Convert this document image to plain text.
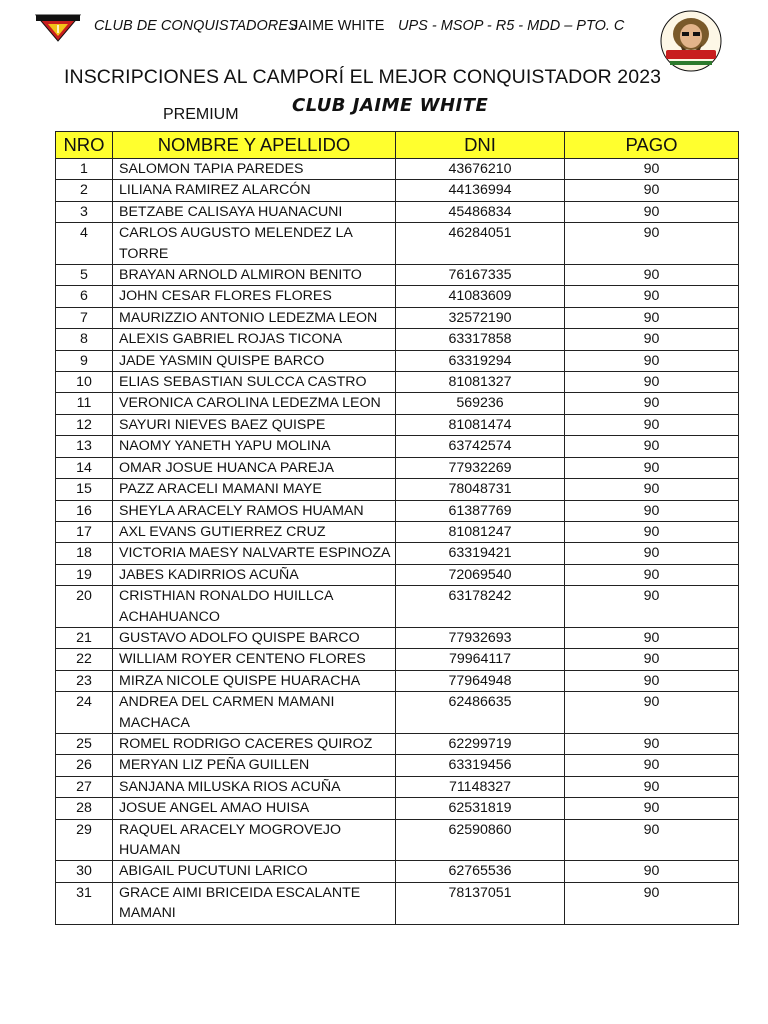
CLUB DE CONQUISTADORES
JAIME WHITE UPS - MSOP - R5 - MDD – PTO. C
INSCRIPCIONES AL CAMPORÍ EL MEJOR CONQUISTADOR 2023
PREMIUM	CLUB JAIME WHITE
NRO	NOMBRE Y APELLIDO	DNI	PAGO
1	SALOMON TAPIA PAREDES	43676210	90
2	LILIANA RAMIREZ ALARCÓN	44136994	90
3	BETZABE CALISAYA HUANACUNI	45486834	90
4	CARLOS AUGUSTO MELENDEZ LA TORRE	46284051	90
5	BRAYAN ARNOLD ALMIRON BENITO	76167335	90
6	JOHN CESAR FLORES FLORES	41083609	90
7	MAURIZZIO ANTONIO LEDEZMA LEON	32572190	90
8	ALEXIS GABRIEL ROJAS TICONA	63317858	90
9	JADE YASMIN QUISPE BARCO	63319294	90
10	ELIAS SEBASTIAN SULCCA CASTRO	81081327	90
11	VERONICA CAROLINA LEDEZMA LEON	569236	90
12	SAYURI NIEVES BAEZ QUISPE	81081474	90
13	NAOMY YANETH YAPU MOLINA	63742574	90
14	OMAR JOSUE HUANCA PAREJA	77932269	90
15	PAZZ ARACELI MAMANI MAYE	78048731	90
16	SHEYLA ARACELY RAMOS HUAMAN	61387769	90
17	AXL EVANS GUTIERREZ CRUZ	81081247	90
18	VICTORIA MAESY NALVARTE ESPINOZA	63319421	90
19	JABES KADIRRIOS ACUÑA	72069540	90
20	CRISTHIAN RONALDO HUILLCA ACHAHUANCO	63178242	90
21	GUSTAVO ADOLFO QUISPE BARCO	77932693	90
22	WILLIAM ROYER CENTENO FLORES	79964117	90
23	MIRZA NICOLE QUISPE HUARACHA	77964948	90
24	ANDREA DEL CARMEN MAMANI MACHACA	62486635	90
25	ROMEL RODRIGO CACERES QUIROZ	62299719	90
26	MERYAN LIZ PEÑA GUILLEN	63319456	90
27	SANJANA MILUSKA RIOS ACUÑA	71148327	90
28	JOSUE ANGEL AMAO HUISA	62531819	90
29	RAQUEL ARACELY MOGROVEJO HUAMAN	62590860	90
30	ABIGAIL PUCUTUNI LARICO	62765536	90
31	GRACE AIMI BRICEIDA ESCALANTE MAMANI	78137051	90
